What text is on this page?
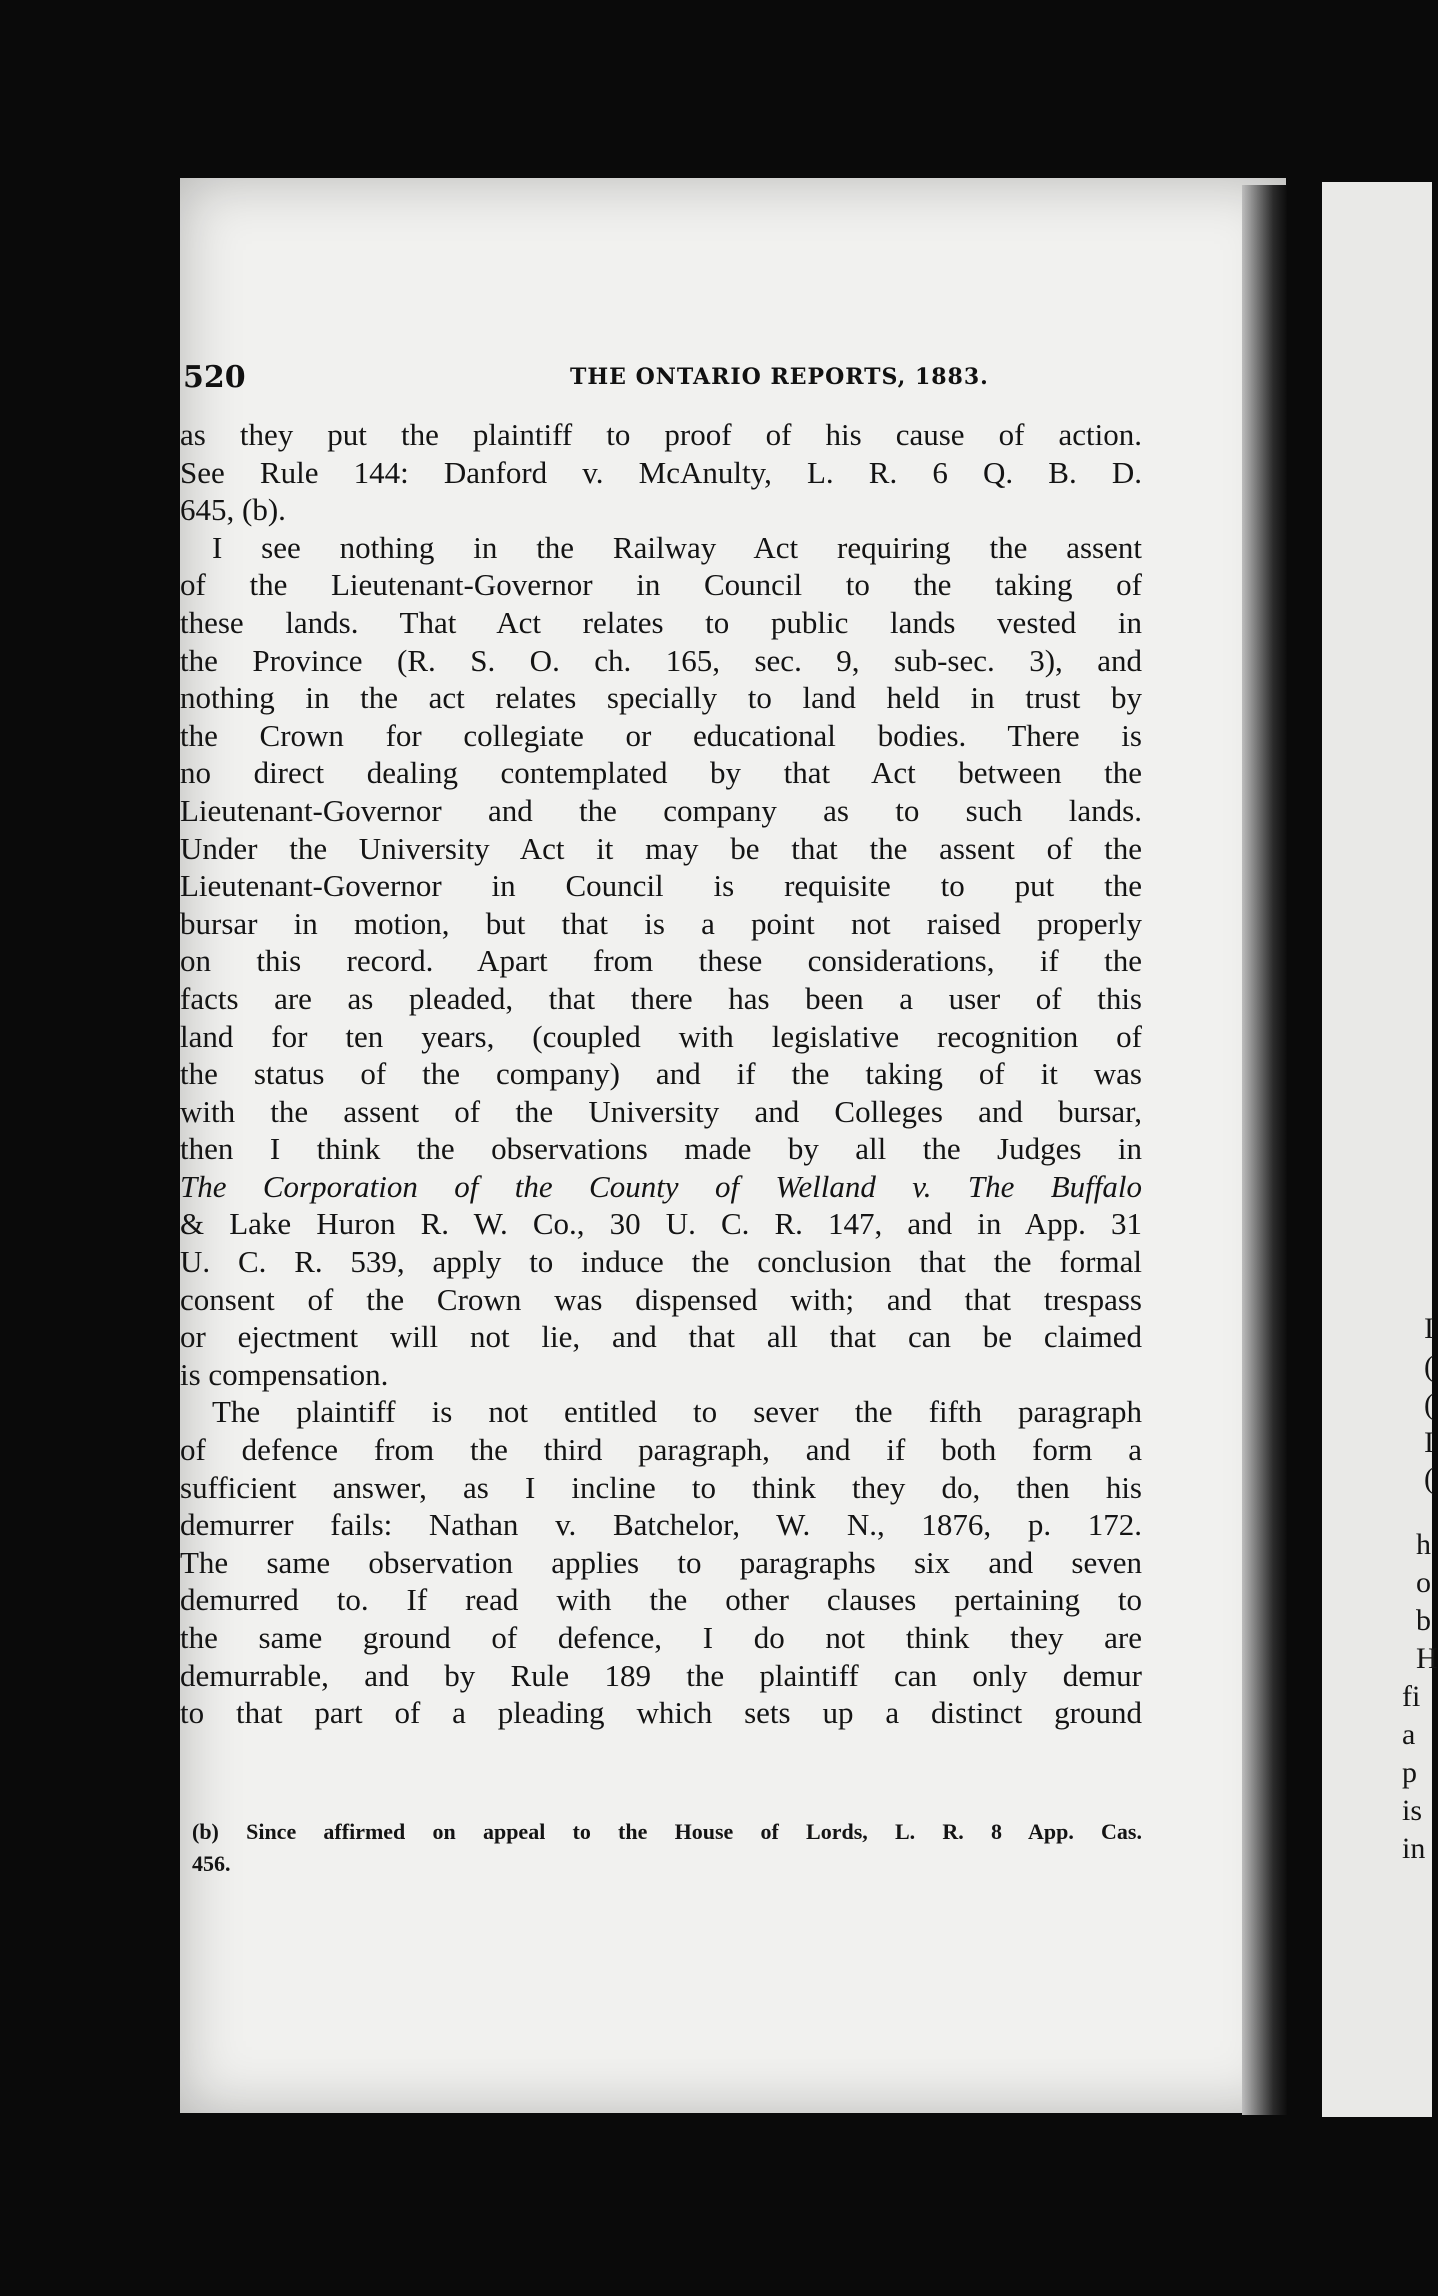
520	THE ONTARIO REPORTS, 1883.
as they put the plaintiff to proof of his cause of action.
See Rule 144: Danford v. McAnulty, L. R. 6 Q. B. D.
645, (b).
I see nothing in the Railway Act requiring the assent
of the Lieutenant-Governor in Council to the taking of
these lands. That Act relates to public lands vested in
the Province (R. S. O. ch. 165, sec. 9, sub-sec. 3), and
nothing in the act relates specially to land held in trust by
the Crown for collegiate or educational bodies. There is
no direct dealing contemplated by that Act between the
Lieutenant-Governor and the company as to such lands.
Under the University Act it may be that the assent of the
Lieutenant-Governor in Council is requisite to put the
bursar in motion, but that is a point not raised properly
on this record. Apart from these considerations, if the
facts are as pleaded, that there has been a user of this
land for ten years, (coupled with legislative recognition of
the status of the company) and if the taking of it was
with the assent of the University and Colleges and bursar,
then I think the observations made by all the Judges in
The Corporation of the County of Welland v. The Buffalo
& Lake Huron R. W. Co., 30 U. C. R. 147, and in App. 31
U. C. R. 539, apply to induce the conclusion that the formal
consent of the Crown was dispensed with; and that trespass
or ejectment will not lie, and that all that can be claimed
is compensation.
The plaintiff is not entitled to sever the fifth paragraph
of defence from the third paragraph, and if both form a
sufficient answer, as I incline to think they do, then his
demurrer fails: Nathan v. Batchelor, W. N., 1876, p. 172.
The same observation applies to paragraphs six and seven
demurred to. If read with the other clauses pertaining to
the same ground of defence, I do not think they are
demurrable, and by Rule 189 the plaintiff can only demur
to that part of a pleading which sets up a distinct ground
(b) Since affirmed on appeal to the House of Lords, L. R. 8 App. Cas.
456.
I
(
(
I
(
h
o
b
H
fi
a
p
is
in
